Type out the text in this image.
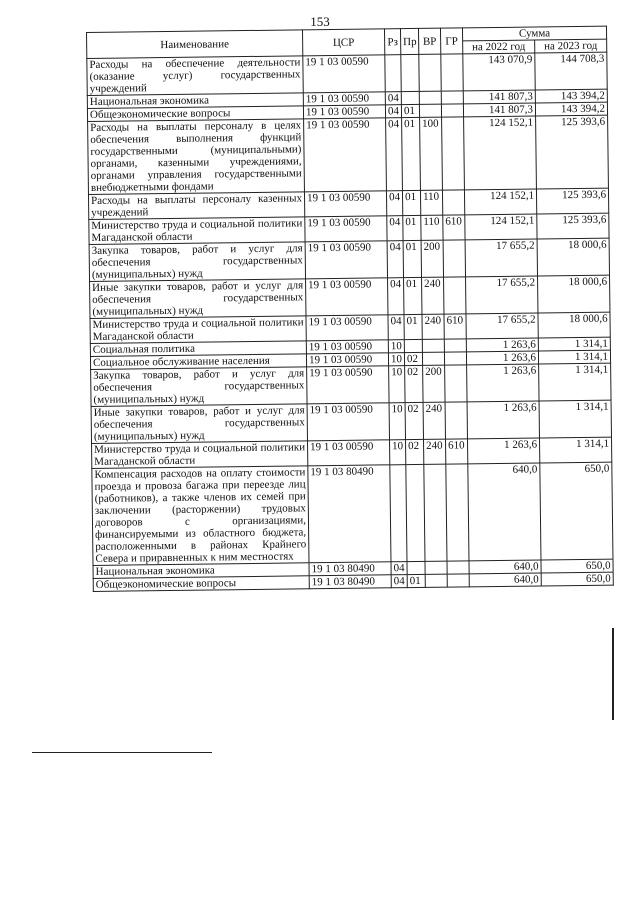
153
Наименование	ЦСР	Рз	Пр	ВР	ГР	Сумма	
						на 2022 год	на 2023 год
Расходы на обеспечение деятельности (оказание услуг) государственных учреждений	19 1 03 00590					143 070,9	144 708,3
Национальная экономика	19 1 03 00590	04				141 807,3	143 394,2
Общеэкономические вопросы	19 1 03 00590	04	01			141 807,3	143 394,2
Расходы на выплаты персоналу в целях обеспечения выполнения функций государственными (муниципальными) органами, казенными учреждениями, органами управления государственными внебюджетными фондами	19 1 03 00590	04	01	100		124 152,1	125 393,6
Расходы на выплаты персоналу казенных учреждений	19 1 03 00590	04	01	110		124 152,1	125 393,6
Министерство труда и социальной политики Магаданской области	19 1 03 00590	04	01	110	610	124 152,1	125 393,6
Закупка товаров, работ и услуг для обеспечения государственных (муниципальных) нужд	19 1 03 00590	04	01	200		17 655,2	18 000,6
Иные закупки товаров, работ и услуг для обеспечения государственных (муниципальных) нужд	19 1 03 00590	04	01	240		17 655,2	18 000,6
Министерство труда и социальной политики Магаданской области	19 1 03 00590	04	01	240	610	17 655,2	18 000,6
Социальная политика	19 1 03 00590	10				1 263,6	1 314,1
Социальное обслуживание населения	19 1 03 00590	10	02			1 263,6	1 314,1
Закупка товаров, работ и услуг для обеспечения государственных (муниципальных) нужд	19 1 03 00590	10	02	200		1 263,6	1 314,1
Иные закупки товаров, работ и услуг для обеспечения государственных (муниципальных) нужд	19 1 03 00590	10	02	240		1 263,6	1 314,1
Министерство труда и социальной политики Магаданской области	19 1 03 00590	10	02	240	610	1 263,6	1 314,1
Компенсация расходов на оплату стоимости проезда и провоза багажа при переезде лиц (работников), а также членов их семей при заключении (расторжении) трудовых договоров с организациями, финансируемыми из областного бюджета, расположенными в районах Крайнего Севера и приравненных к ним местностях	19 1 03 80490					640,0	650,0
Национальная экономика	19 1 03 80490	04				640,0	650,0
Общеэкономические вопросы	19 1 03 80490	04	01			640,0	650,0
